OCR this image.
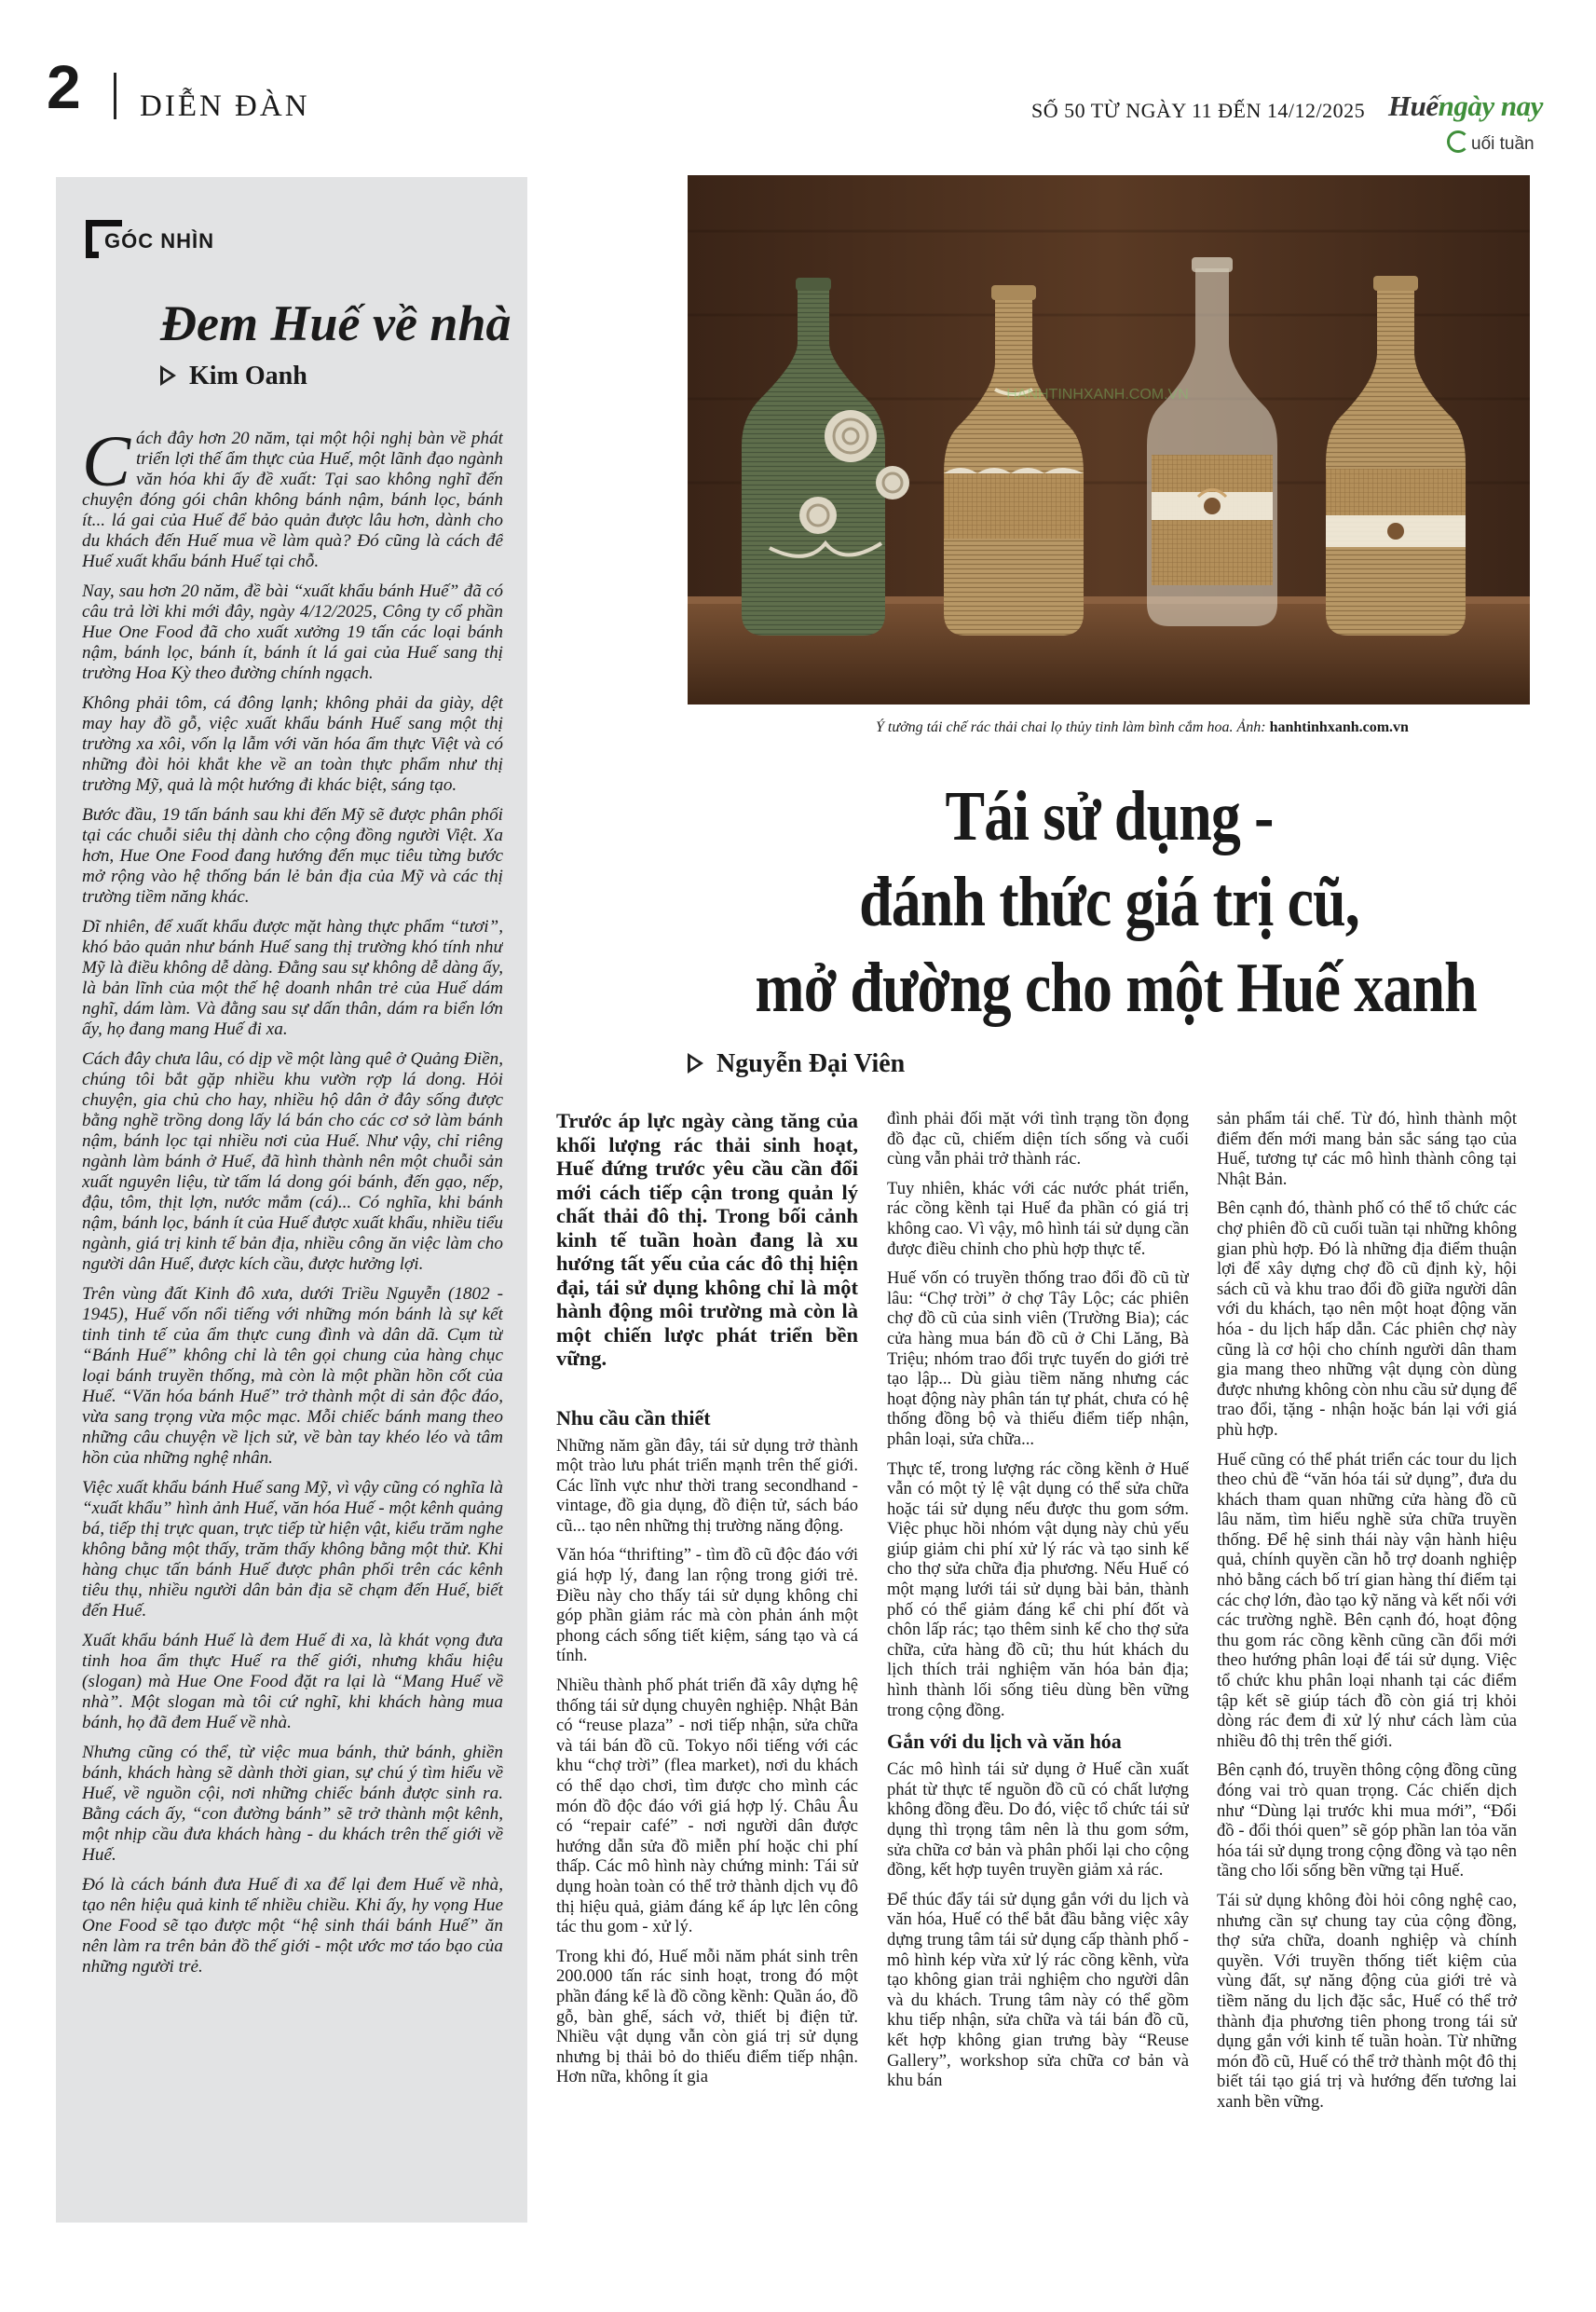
2 DIỄN ĐÀN	SỐ 50 TỪ NGÀY 11 ĐẾN 14/12/2025 Huếngày nay
uối tuần
GÓC NHÌN
Đem Huế về nhà
Kim Oanh

Cách đây hơn 20 năm, tại một hội nghị bàn về phát triển lợi thế ẩm thực của Huế, một lãnh đạo ngành văn hóa khi ấy đề xuất: Tại sao không nghĩ đến chuyện đóng gói chân không bánh nậm, bánh lọc, bánh ít... lá gai của Huế để bảo quản được lâu hơn, dành cho du khách đến Huế mua về làm quà? Đó cũng là cách để Huế xuất khẩu bánh Huế tại chỗ.

Nay, sau hơn 20 năm, đề bài “xuất khẩu bánh Huế” đã có câu trả lời khi mới đây, ngày 4/12/2025, Công ty cổ phần Hue One Food đã cho xuất xưởng 19 tấn các loại bánh nậm, bánh lọc, bánh ít, bánh ít lá gai của Huế sang thị trường Hoa Kỳ theo đường chính ngạch.

Không phải tôm, cá đông lạnh; không phải da giày, dệt may hay đồ gỗ, việc xuất khẩu bánh Huế sang một thị trường xa xôi, vốn lạ lẫm với văn hóa ẩm thực Việt và có những đòi hỏi khắt khe về an toàn thực phẩm như thị trường Mỹ, quả là một hướng đi khác biệt, sáng tạo.

Bước đầu, 19 tấn bánh sau khi đến Mỹ sẽ được phân phối tại các chuỗi siêu thị dành cho cộng đồng người Việt. Xa hơn, Hue One Food đang hướng đến mục tiêu từng bước mở rộng vào hệ thống bán lẻ bản địa của Mỹ và các thị trường tiềm năng khác.

Dĩ nhiên, để xuất khẩu được mặt hàng thực phẩm “tươi”, khó bảo quản như bánh Huế sang thị trường khó tính như Mỹ là điều không dễ dàng. Đằng sau sự không dễ dàng ấy, là bản lĩnh của một thế hệ doanh nhân trẻ của Huế dám nghĩ, dám làm. Và đằng sau sự dấn thân, dám ra biển lớn ấy, họ đang mang Huế đi xa.

Cách đây chưa lâu, có dịp về một làng quê ở Quảng Điền, chúng tôi bắt gặp nhiều khu vườn rợp lá dong. Hỏi chuyện, gia chủ cho hay, nhiều hộ dân ở đây sống được bằng nghề trồng dong lấy lá bán cho các cơ sở làm bánh nậm, bánh lọc tại nhiều nơi của Huế. Như vậy, chỉ riêng ngành làm bánh ở Huế, đã hình thành nên một chuỗi sản xuất nguyên liệu, từ tấm lá dong gói bánh, đến gạo, nếp, đậu, tôm, thịt lợn, nước mắm (cá)... Có nghĩa, khi bánh nậm, bánh lọc, bánh ít của Huế được xuất khẩu, nhiều tiểu ngành, giá trị kinh tế bản địa, nhiều công ăn việc làm cho người dân Huế, được kích cầu, được hưởng lợi.

Trên vùng đất Kinh đô xưa, dưới Triều Nguyễn (1802 - 1945), Huế vốn nổi tiếng với những món bánh là sự kết tinh tinh tế của ẩm thực cung đình và dân dã. Cụm từ “Bánh Huế” không chỉ là tên gọi chung của hàng chục loại bánh truyền thống, mà còn là một phần hồn cốt của Huế. “Văn hóa bánh Huế” trở thành một di sản độc đáo, vừa sang trọng vừa mộc mạc. Mỗi chiếc bánh mang theo những câu chuyện về lịch sử, về bàn tay khéo léo và tâm hồn của những nghệ nhân.

Việc xuất khẩu bánh Huế sang Mỹ, vì vậy cũng có nghĩa là “xuất khẩu” hình ảnh Huế, văn hóa Huế - một kênh quảng bá, tiếp thị trực quan, trực tiếp từ hiện vật, kiểu trăm nghe không bằng một thấy, trăm thấy không bằng một thử. Khi hàng chục tấn bánh Huế được phân phối trên các kênh tiêu thụ, nhiều người dân bản địa sẽ chạm đến Huế, biết đến Huế.

Xuất khẩu bánh Huế là đem Huế đi xa, là khát vọng đưa tinh hoa ẩm thực Huế ra thế giới, nhưng khẩu hiệu (slogan) mà Hue One Food đặt ra lại là “Mang Huế về nhà”. Một slogan mà tôi cứ nghĩ, khi khách hàng mua bánh, họ đã đem Huế về nhà.

Nhưng cũng có thể, từ việc mua bánh, thử bánh, ghiền bánh, khách hàng sẽ dành thời gian, sự chú ý tìm hiểu về Huế, về nguồn cội, nơi những chiếc bánh được sinh ra. Bằng cách ấy, “con đường bánh” sẽ trở thành một kênh, một nhịp cầu đưa khách hàng - du khách trên thế giới về Huế.

Đó là cách bánh đưa Huế đi xa để lại đem Huế về nhà, tạo nên hiệu quả kinh tế nhiều chiều. Khi ấy, hy vọng Hue One Food sẽ tạo được một “hệ sinh thái bánh Huế” ăn nên làm ra trên bản đồ thế giới - một ước mơ táo bạo của những người trẻ.

HANHTINHXANH.COM.VN
Ý tưởng tái chế rác thải chai lọ thủy tinh làm bình cắm hoa. Ảnh: hanhtinhxanh.com.vn
Tái sử dụng -
đánh thức giá trị cũ,
mở đường cho một Huế xanh
Nguyễn Đại Viên

Trước áp lực ngày càng tăng của khối lượng rác thải sinh hoạt, Huế đứng trước yêu cầu cần đổi mới cách tiếp cận trong quản lý chất thải đô thị. Trong bối cảnh kinh tế tuần hoàn đang là xu hướng tất yếu của các đô thị hiện đại, tái sử dụng không chỉ là một hành động môi trường mà còn là một chiến lược phát triển bền vững.

Nhu cầu cần thiết

Những năm gần đây, tái sử dụng trở thành một trào lưu phát triển mạnh trên thế giới. Các lĩnh vực như thời trang secondhand - vintage, đồ gia dụng, đồ điện tử, sách báo cũ... tạo nên những thị trường năng động.

Văn hóa “thrifting” - tìm đồ cũ độc đáo với giá hợp lý, đang lan rộng trong giới trẻ. Điều này cho thấy tái sử dụng không chỉ góp phần giảm rác mà còn phản ánh một phong cách sống tiết kiệm, sáng tạo và cá tính.

Nhiều thành phố phát triển đã xây dựng hệ thống tái sử dụng chuyên nghiệp. Nhật Bản có “reuse plaza” - nơi tiếp nhận, sửa chữa và tái bán đồ cũ. Tokyo nổi tiếng với các khu “chợ trời” (flea market), nơi du khách có thể dạo chơi, tìm được cho mình các món đồ độc đáo với giá hợp lý. Châu Âu có “repair café” - nơi người dân được hướng dẫn sửa đồ miễn phí hoặc chi phí thấp. Các mô hình này chứng minh: Tái sử dụng hoàn toàn có thể trở thành dịch vụ đô thị hiệu quả, giảm đáng kể áp lực lên công tác thu gom - xử lý.

Trong khi đó, Huế mỗi năm phát sinh trên 200.000 tấn rác sinh hoạt, trong đó một phần đáng kể là đồ cồng kềnh: Quần áo, đồ gỗ, bàn ghế, sách vở, thiết bị điện tử. Nhiều vật dụng vẫn còn giá trị sử dụng nhưng bị thải bỏ do thiếu điểm tiếp nhận. Hơn nữa, không ít gia

đình phải đối mặt với tình trạng tồn đọng đồ đạc cũ, chiếm diện tích sống và cuối cùng vẫn phải trở thành rác.

Tuy nhiên, khác với các nước phát triển, rác cồng kềnh tại Huế đa phần có giá trị không cao. Vì vậy, mô hình tái sử dụng cần được điều chỉnh cho phù hợp thực tế.

Huế vốn có truyền thống trao đổi đồ cũ từ lâu: “Chợ trời” ở chợ Tây Lộc; các phiên chợ đồ cũ của sinh viên (Trường Bia); các cửa hàng mua bán đồ cũ ở Chi Lăng, Bà Triệu; nhóm trao đổi trực tuyến do giới trẻ tạo lập... Dù giàu tiềm năng nhưng các hoạt động này phân tán tự phát, chưa có hệ thống đồng bộ và thiếu điểm tiếp nhận, phân loại, sửa chữa...

Thực tế, trong lượng rác cồng kềnh ở Huế vẫn có một tỷ lệ vật dụng có thể sửa chữa hoặc tái sử dụng nếu được thu gom sớm. Việc phục hồi nhóm vật dụng này chủ yếu giúp giảm chi phí xử lý rác và tạo sinh kế cho thợ sửa chữa địa phương. Nếu Huế có một mạng lưới tái sử dụng bài bản, thành phố có thể giảm đáng kể chi phí đốt và chôn lấp rác; tạo thêm sinh kế cho thợ sửa chữa, cửa hàng đồ cũ; thu hút khách du lịch thích trải nghiệm văn hóa bản địa; hình thành lối sống tiêu dùng bền vững trong cộng đồng.

Gắn với du lịch và văn hóa

Các mô hình tái sử dụng ở Huế cần xuất phát từ thực tế nguồn đồ cũ có chất lượng không đồng đều. Do đó, việc tổ chức tái sử dụng thì trọng tâm nên là thu gom sớm, sửa chữa cơ bản và phân phối lại cho cộng đồng, kết hợp tuyên truyền giảm xả rác.

Để thúc đẩy tái sử dụng gắn với du lịch và văn hóa, Huế có thể bắt đầu bằng việc xây dựng trung tâm tái sử dụng cấp thành phố - mô hình kép vừa xử lý rác cồng kềnh, vừa tạo không gian trải nghiệm cho người dân và du khách. Trung tâm này có thể gồm khu tiếp nhận, sửa chữa và tái bán đồ cũ, kết hợp không gian trưng bày “Reuse Gallery”, workshop sửa chữa cơ bản và khu bán

sản phẩm tái chế. Từ đó, hình thành một điểm đến mới mang bản sắc sáng tạo của Huế, tương tự các mô hình thành công tại Nhật Bản.

Bên cạnh đó, thành phố có thể tổ chức các chợ phiên đồ cũ cuối tuần tại những không gian phù hợp. Đó là những địa điểm thuận lợi để xây dựng chợ đồ cũ định kỳ, hội sách cũ và khu trao đổi đồ giữa người dân với du khách, tạo nên một hoạt động văn hóa - du lịch hấp dẫn. Các phiên chợ này cũng là cơ hội cho chính người dân tham gia mang theo những vật dụng còn dùng được nhưng không còn nhu cầu sử dụng để trao đổi, tặng - nhận hoặc bán lại với giá phù hợp.

Huế cũng có thể phát triển các tour du lịch theo chủ đề “văn hóa tái sử dụng”, đưa du khách tham quan những cửa hàng đồ cũ lâu năm, tìm hiểu nghề sửa chữa truyền thống. Để hệ sinh thái này vận hành hiệu quả, chính quyền cần hỗ trợ doanh nghiệp nhỏ bằng cách bố trí gian hàng thí điểm tại các chợ lớn, đào tạo kỹ năng và kết nối với các trường nghề. Bên cạnh đó, hoạt động thu gom rác cồng kềnh cũng cần đổi mới theo hướng phân loại để tái sử dụng. Việc tổ chức khu phân loại nhanh tại các điểm tập kết sẽ giúp tách đồ còn giá trị khỏi dòng rác đem đi xử lý như cách làm của nhiều đô thị trên thế giới.

Bên cạnh đó, truyền thông cộng đồng cũng đóng vai trò quan trọng. Các chiến dịch như “Dùng lại trước khi mua mới”, “Đổi đồ - đổi thói quen” sẽ góp phần lan tỏa văn hóa tái sử dụng trong cộng đồng và tạo nên tầng cho lối sống bền vững tại Huế.

Tái sử dụng không đòi hỏi công nghệ cao, nhưng cần sự chung tay của cộng đồng, thợ sửa chữa, doanh nghiệp và chính quyền. Với truyền thống tiết kiệm của vùng đất, sự năng động của giới trẻ và tiềm năng du lịch đặc sắc, Huế có thể trở thành địa phương tiên phong trong tái sử dụng gắn với kinh tế tuần hoàn. Từ những món đồ cũ, Huế có thể trở thành một đô thị biết tái tạo giá trị và hướng đến tương lai xanh bền vững.
